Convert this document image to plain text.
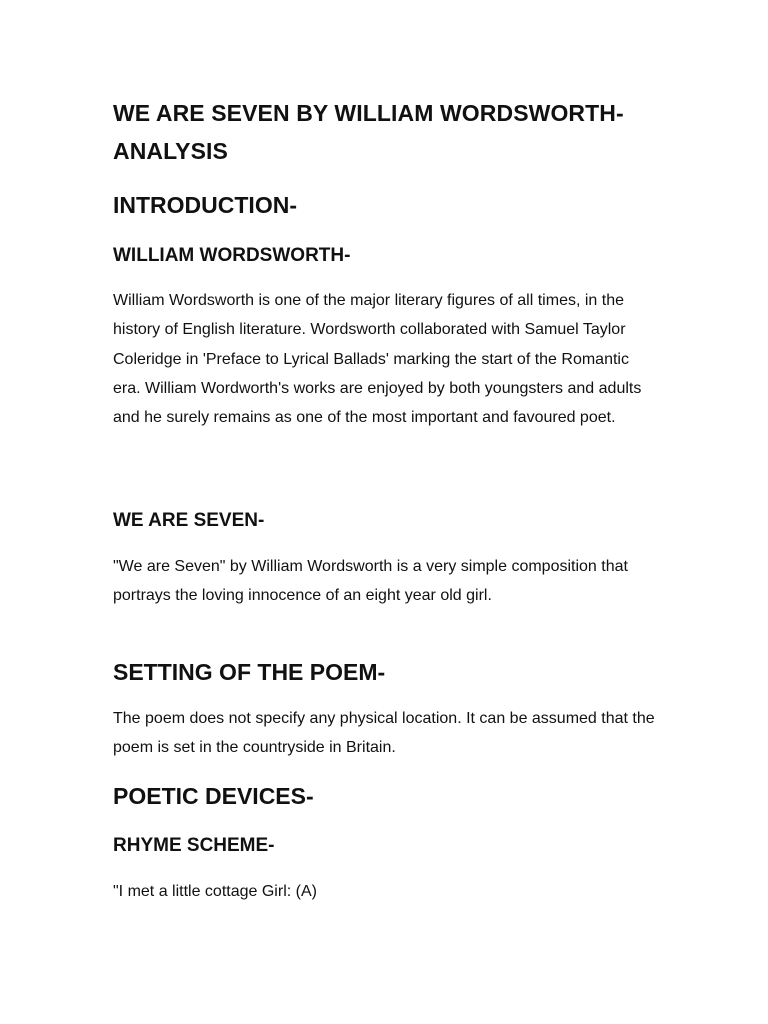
WE ARE SEVEN BY WILLIAM WORDSWORTH- ANALYSIS
INTRODUCTION-
WILLIAM WORDSWORTH-

William Wordsworth is one of the major literary figures of all times, in the history of English literature. Wordsworth collaborated with Samuel Taylor Coleridge in 'Preface to Lyrical Ballads' marking the start of the Romantic era. William Wordworth's works are enjoyed by both youngsters and adults and he surely remains as one of the most important and favoured poet.

WE ARE SEVEN-

"We are Seven" by William Wordsworth is a very simple composition that portrays the loving innocence of an eight year old girl.

SETTING OF THE POEM-

The poem does not specify any physical location. It can be assumed that the poem is set in the countryside in Britain.

POETIC DEVICES-
RHYME SCHEME-

"I met a little cottage Girl: (A)
